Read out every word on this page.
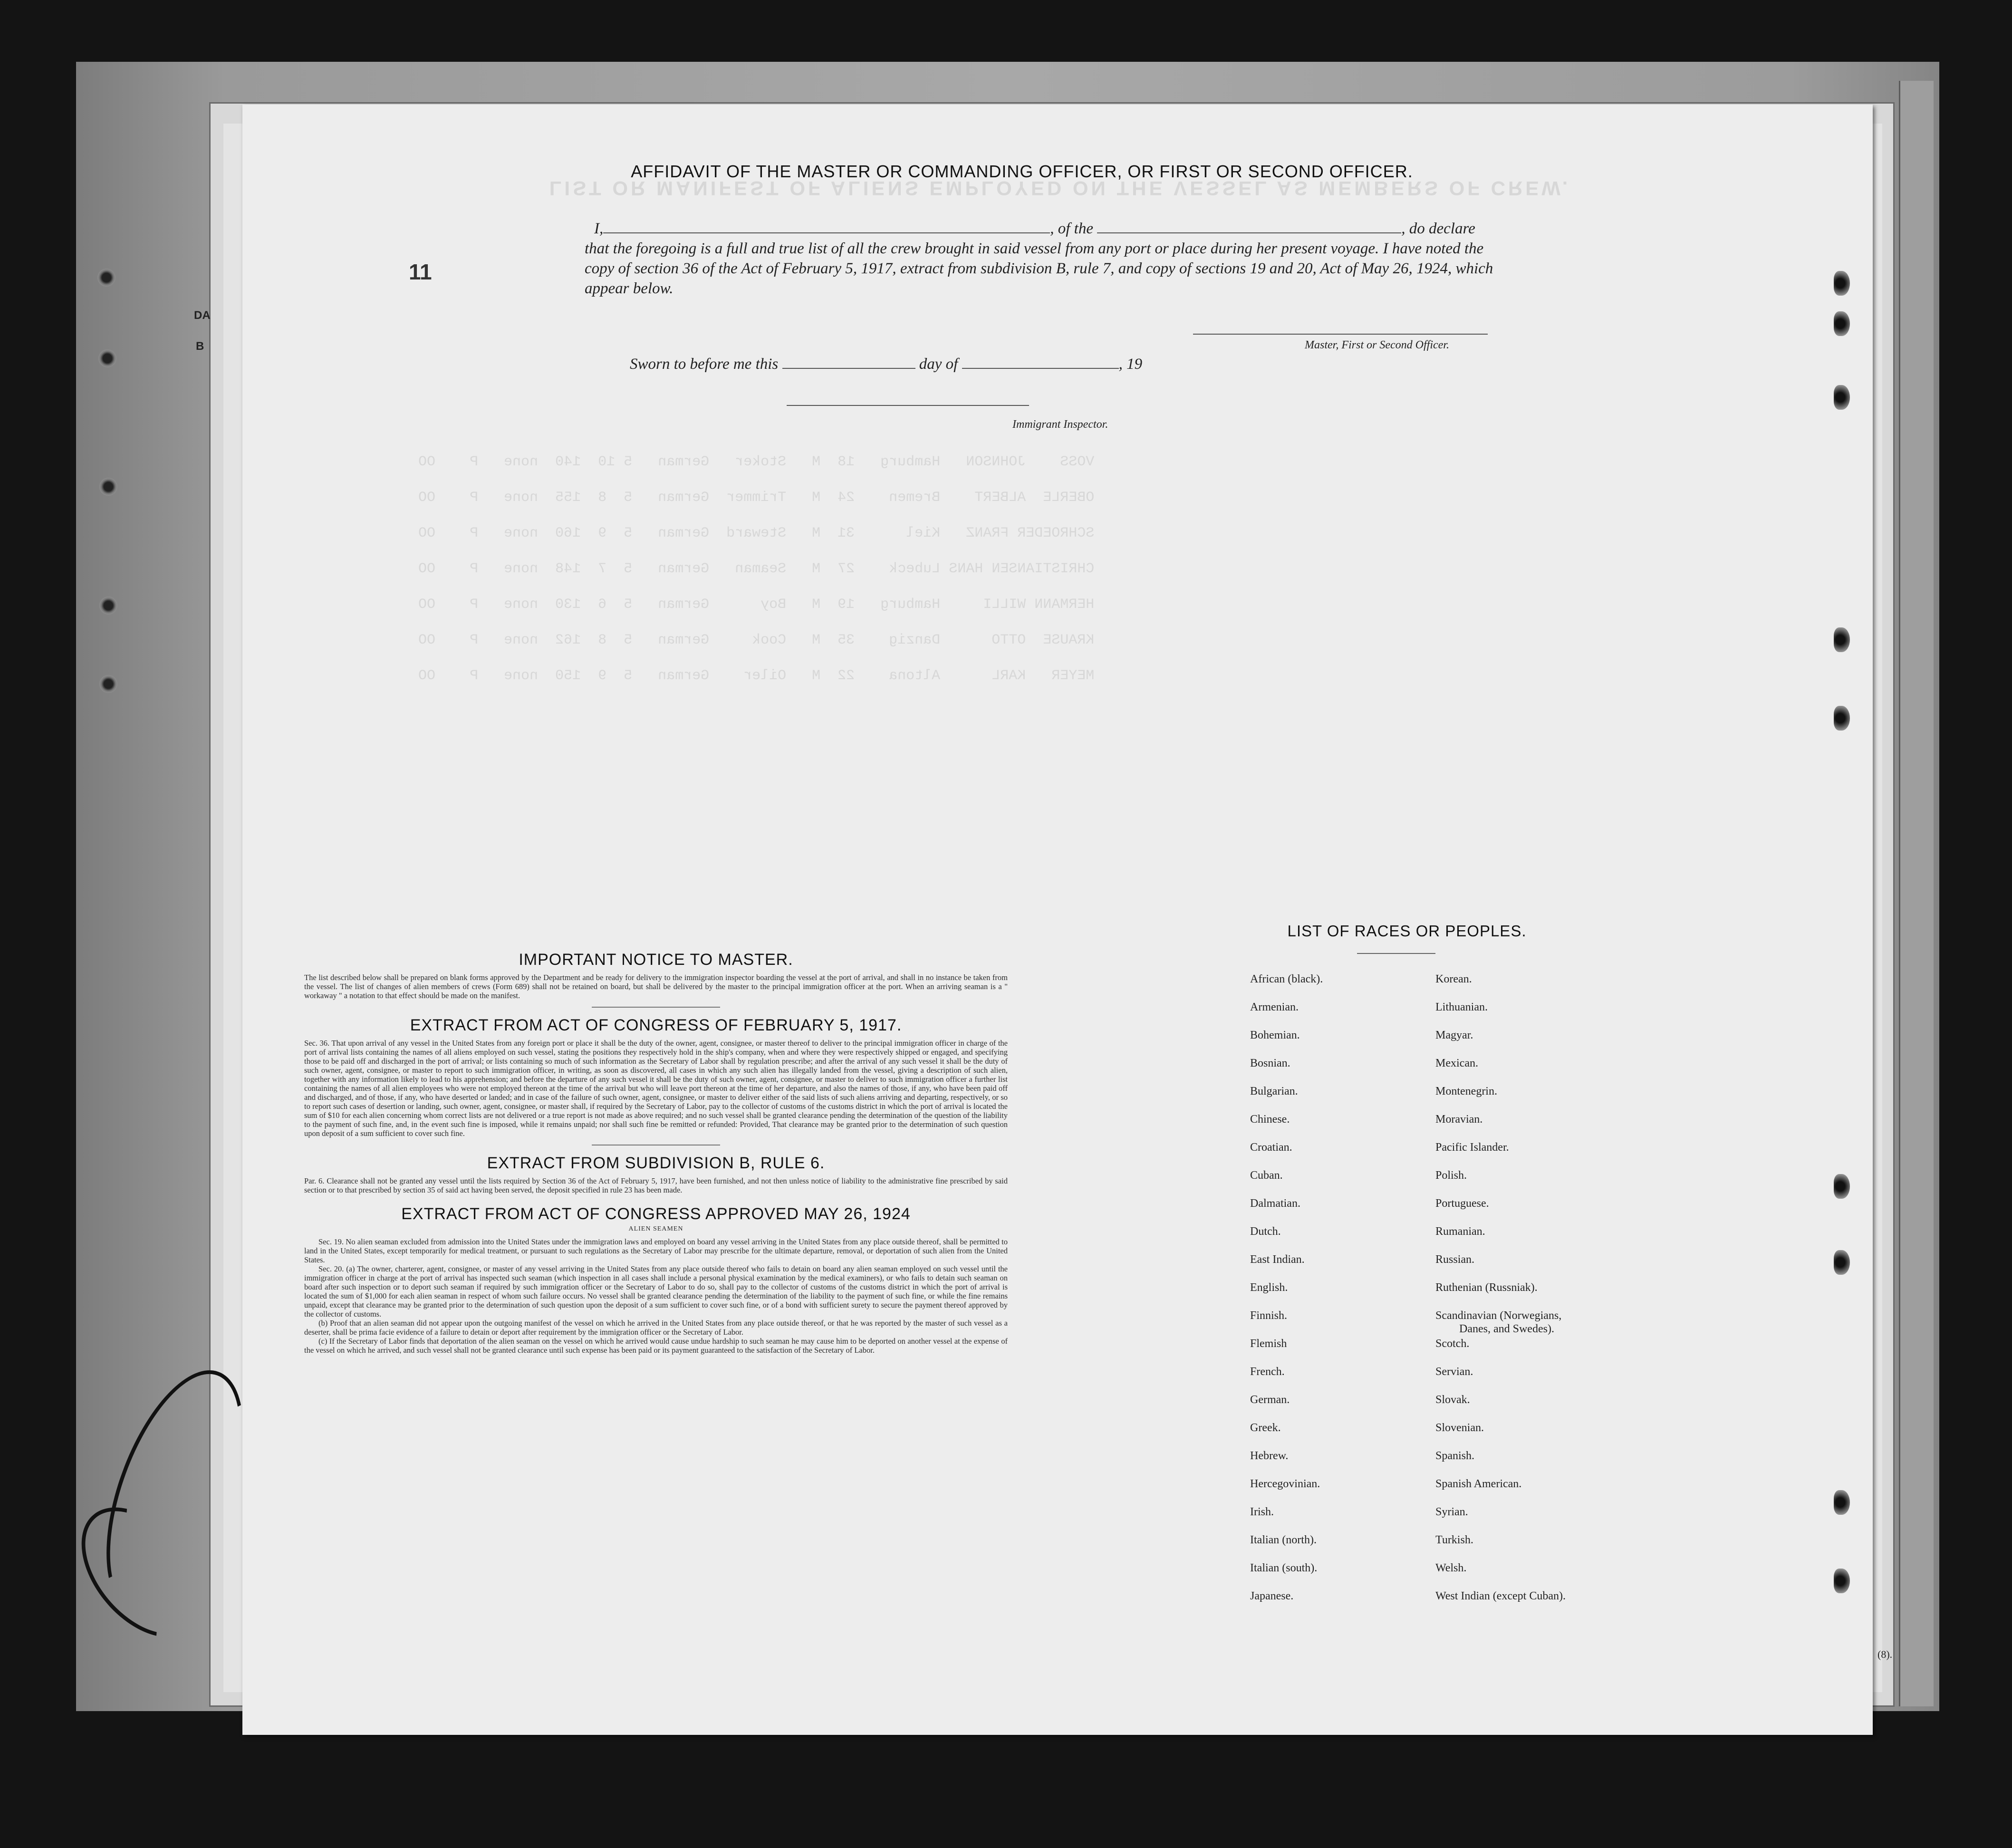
DA
B
LIST OR MANIFEST OF ALIENS EMPLOYED ON THE VESSEL AS MEMBERS OF CREW.
VOSS    JOHNSON   Hamburg   18  M   Stoker   German   5 10  140  none   P    OO
OBERLE  ALBERT    Bremen    24  M   Trimmer  German   5  8  155  none   P    OO
SCHROEDER FRANZ   Kiel      31  M   Steward  German   5  9  160  none   P    OO
CHRISTIANSEN HANS Lubeck    27  M   Seaman   German   5  7  148  none   P    OO
HERMANN WILLI     Hamburg   19  M   Boy      German   5  6  130  none   P    OO
KRAUSE  OTTO      Danzig    35  M   Cook     German   5  8  162  none   P    OO
MEYER   KARL      Altona    22  M   Oiler    German   5  9  150  none   P    OO
11
AFFIDAVIT OF THE MASTER OR COMMANDING OFFICER, OR FIRST OR SECOND OFFICER.
I,	, of the	, do declare
that the foregoing is a full and true list of all the crew brought in said vessel from any port or place during her present voyage. I have noted the copy of section 36 of the Act of February 5, 1917, extract from subdivision B, rule 7, and copy of sections 19 and 20, Act of May 26, 1924, which appear below.
Master, First or Second Officer.
Sworn to before me this	day of	, 19
Immigrant Inspector.

IMPORTANT NOTICE TO MASTER.

The list described below shall be prepared on blank forms approved by the Department and be ready for delivery to the immigration inspector boarding the vessel at the port of arrival, and shall in no instance be taken from the vessel. The list of changes of alien members of crews (Form 689) shall not be retained on board, but shall be delivered by the master to the principal immigration officer at the port. When an arriving seaman is a " workaway " a notation to that effect should be made on the manifest.

EXTRACT FROM ACT OF CONGRESS OF FEBRUARY 5, 1917.

Sec. 36. That upon arrival of any vessel in the United States from any foreign port or place it shall be the duty of the owner, agent, consignee, or master thereof to deliver to the principal immigration officer in charge of the port of arrival lists containing the names of all aliens employed on such vessel, stating the positions they respectively hold in the ship's company, when and where they were respectively shipped or engaged, and specifying those to be paid off and discharged in the port of arrival; or lists containing so much of such information as the Secretary of Labor shall by regulation prescribe; and after the arrival of any such vessel it shall be the duty of such owner, agent, consignee, or master to report to such immigration officer, in writing, as soon as discovered, all cases in which any such alien has illegally landed from the vessel, giving a description of such alien, together with any information likely to lead to his apprehension; and before the departure of any such vessel it shall be the duty of such owner, agent, consignee, or master to deliver to such immigration officer a further list containing the names of all alien employees who were not employed thereon at the time of the arrival but who will leave port thereon at the time of her departure, and also the names of those, if any, who have been paid off and discharged, and of those, if any, who have deserted or landed; and in case of the failure of such owner, agent, consignee, or master to deliver either of the said lists of such aliens arriving and departing, respectively, or so to report such cases of desertion or landing, such owner, agent, consignee, or master shall, if required by the Secretary of Labor, pay to the collector of customs of the customs district in which the port of arrival is located the sum of $10 for each alien concerning whom correct lists are not delivered or a true report is not made as above required; and no such vessel shall be granted clearance pending the determination of the question of the liability to the payment of such fine, and, in the event such fine is imposed, while it remains unpaid; nor shall such fine be remitted or refunded: Provided, That clearance may be granted prior to the determination of such question upon deposit of a sum sufficient to cover such fine.

EXTRACT FROM SUBDIVISION B, RULE 6.

Par. 6. Clearance shall not be granted any vessel until the lists required by Section 36 of the Act of February 5, 1917, have been furnished, and not then unless notice of liability to the administrative fine prescribed by said section or to that prescribed by section 35 of said act having been served, the deposit specified in rule 23 has been made.

EXTRACT FROM ACT OF CONGRESS APPROVED MAY 26, 1924

ALIEN SEAMEN

Sec. 19. No alien seaman excluded from admission into the United States under the immigration laws and employed on board any vessel arriving in the United States from any place outside thereof, shall be permitted to land in the United States, except temporarily for medical treatment, or pursuant to such regulations as the Secretary of Labor may prescribe for the ultimate departure, removal, or deportation of such alien from the United States.

Sec. 20. (a) The owner, charterer, agent, consignee, or master of any vessel arriving in the United States from any place outside thereof who fails to detain on board any alien seaman employed on such vessel until the immigration officer in charge at the port of arrival has inspected such seaman (which inspection in all cases shall include a personal physical examination by the medical examiners), or who fails to detain such seaman on board after such inspection or to deport such seaman if required by such immigration officer or the Secretary of Labor to do so, shall pay to the collector of customs of the customs district in which the port of arrival is located the sum of $1,000 for each alien seaman in respect of whom such failure occurs. No vessel shall be granted clearance pending the determination of the liability to the payment of such fine, or while the fine remains unpaid, except that clearance may be granted prior to the determination of such question upon the deposit of a sum sufficient to cover such fine, or of a bond with sufficient surety to secure the payment thereof approved by the collector of customs.

(b) Proof that an alien seaman did not appear upon the outgoing manifest of the vessel on which he arrived in the United States from any place outside thereof, or that he was reported by the master of such vessel as a deserter, shall be prima facie evidence of a failure to detain or deport after requirement by the immigration officer or the Secretary of Labor.

(c) If the Secretary of Labor finds that deportation of the alien seaman on the vessel on which he arrived would cause undue hardship to such seaman he may cause him to be deported on another vessel at the expense of the vessel on which he arrived, and such vessel shall not be granted clearance until such expense has been paid or its payment guaranteed to the satisfaction of the Secretary of Labor.

LIST OF RACES OR PEOPLES.
African (black).
Armenian.
Bohemian.
Bosnian.
Bulgarian.
Chinese.
Croatian.
Cuban.
Dalmatian.
Dutch.
East Indian.
English.
Finnish.
Flemish
French.
German.
Greek.
Hebrew.
Hercegovinian.
Irish.
Italian (north).
Italian (south).
Japanese.
Korean.
Lithuanian.
Magyar.
Mexican.
Montenegrin.
Moravian.
Pacific Islander.
Polish.
Portuguese.
Rumanian.
Russian.
Ruthenian (Russniak).
Scandinavian (Norwegians,
Danes, and Swedes).
Scotch.
Servian.
Slovak.
Slovenian.
Spanish.
Spanish American.
Syrian.
Turkish.
Welsh.
West Indian (except Cuban).
(8).
